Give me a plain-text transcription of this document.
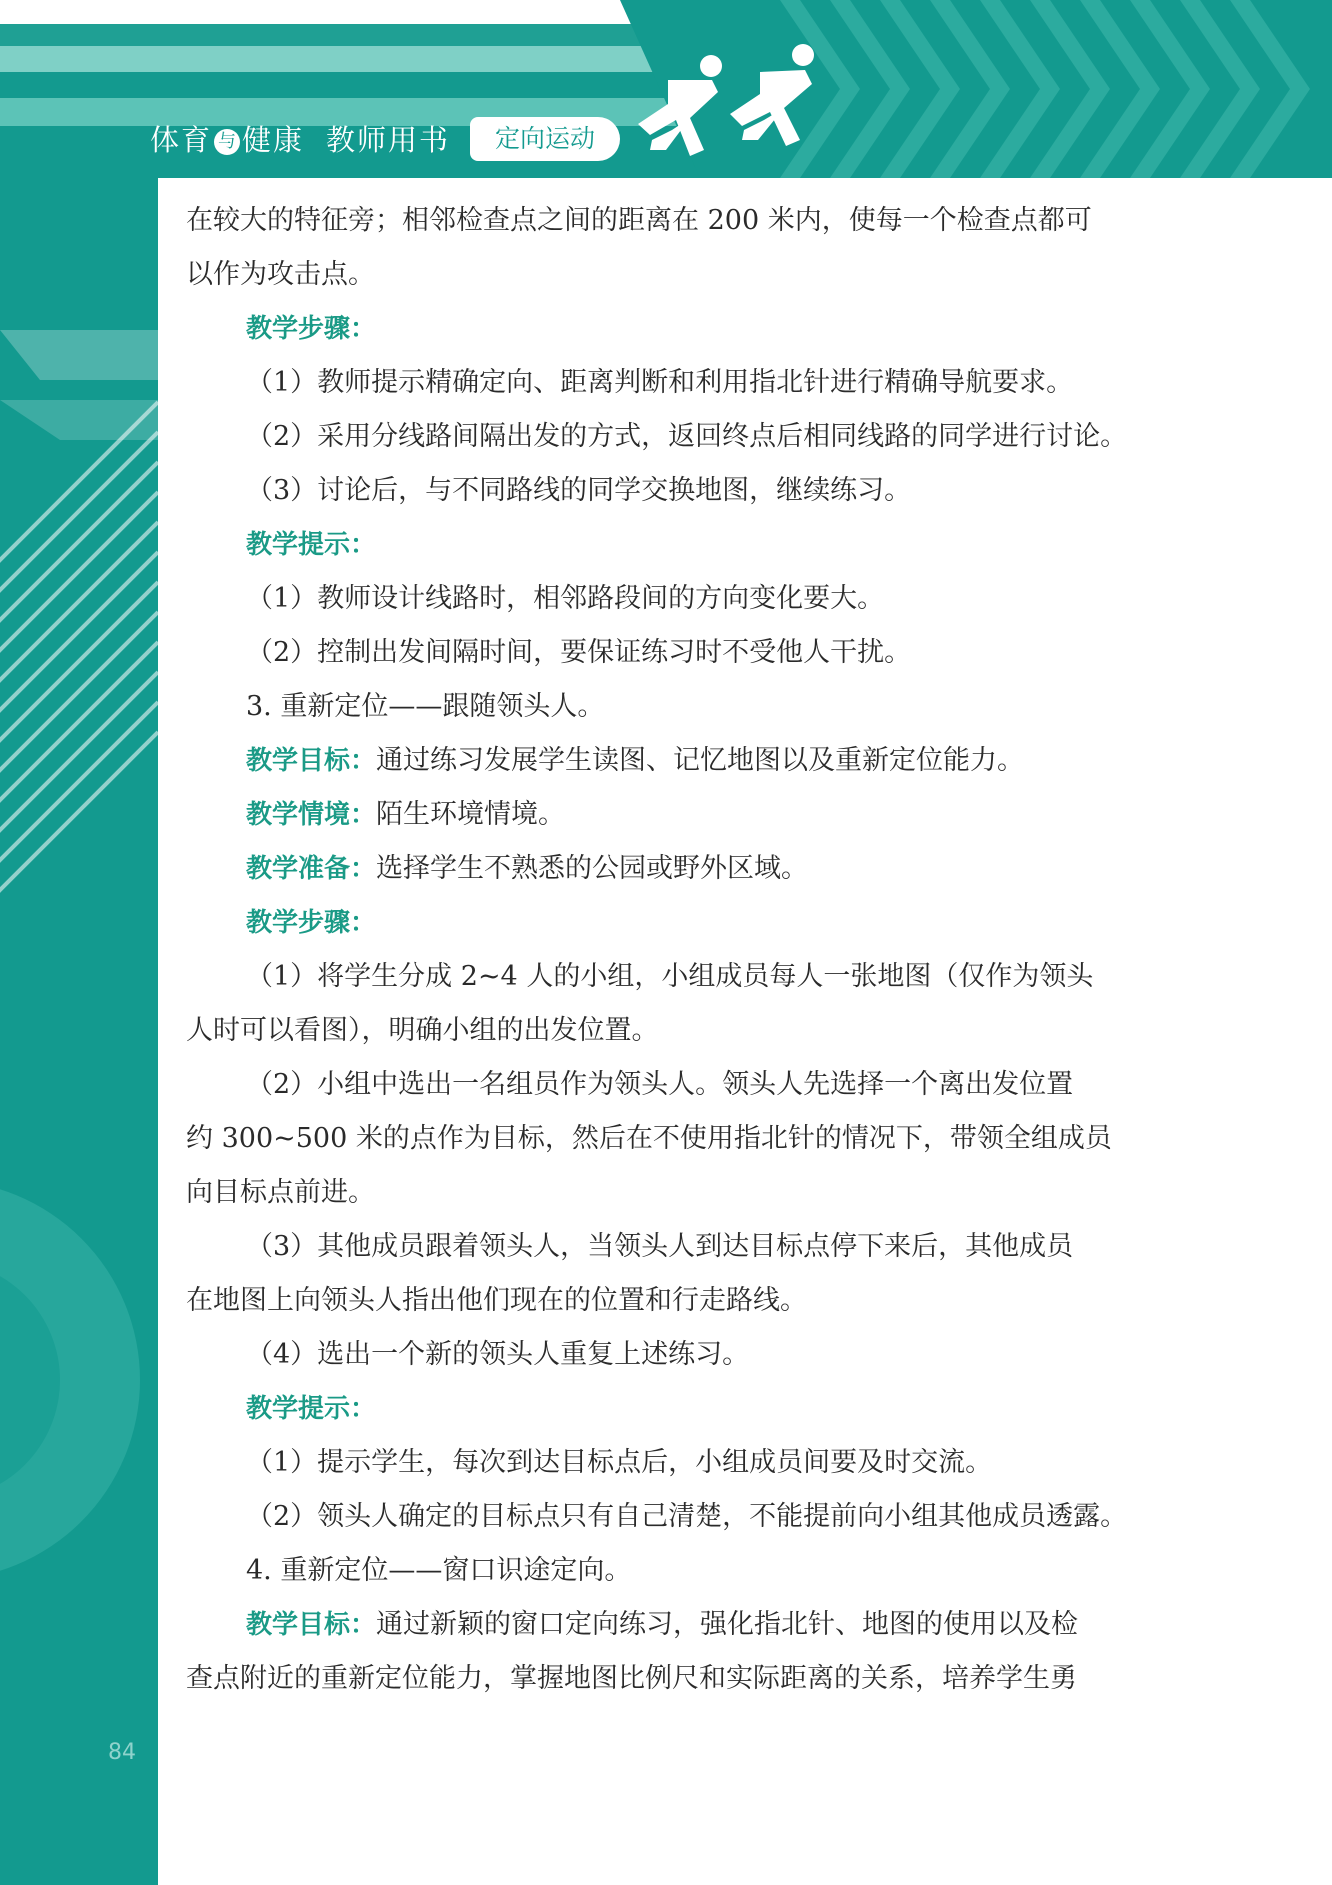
体育 与 健康 教师用书	定向运动

在较大的特征旁；相邻检查点之间的距离在 200 米内，使每一个检查点都可

以作为攻击点。

教学步骤：

（1）教师提示精确定向、距离判断和利用指北针进行精确导航要求。

（2）采用分线路间隔出发的方式，返回终点后相同线路的同学进行讨论。

（3）讨论后，与不同路线的同学交换地图，继续练习。

教学提示：

（1）教师设计线路时，相邻路段间的方向变化要大。

（2）控制出发间隔时间，要保证练习时不受他人干扰。

3. 重新定位——跟随领头人。

教学目标：通过练习发展学生读图、记忆地图以及重新定位能力。

教学情境：陌生环境情境。

教学准备：选择学生不熟悉的公园或野外区域。

教学步骤：

（1）将学生分成 2~4 人的小组，小组成员每人一张地图（仅作为领头

人时可以看图），明确小组的出发位置。

（2）小组中选出一名组员作为领头人。领头人先选择一个离出发位置

约 300~500 米的点作为目标，然后在不使用指北针的情况下，带领全组成员

向目标点前进。

（3）其他成员跟着领头人，当领头人到达目标点停下来后，其他成员

在地图上向领头人指出他们现在的位置和行走路线。

（4）选出一个新的领头人重复上述练习。

教学提示：

（1）提示学生，每次到达目标点后，小组成员间要及时交流。

（2）领头人确定的目标点只有自己清楚，不能提前向小组其他成员透露。

4. 重新定位——窗口识途定向。

教学目标：通过新颖的窗口定向练习，强化指北针、地图的使用以及检

查点附近的重新定位能力，掌握地图比例尺和实际距离的关系，培养学生勇

84
